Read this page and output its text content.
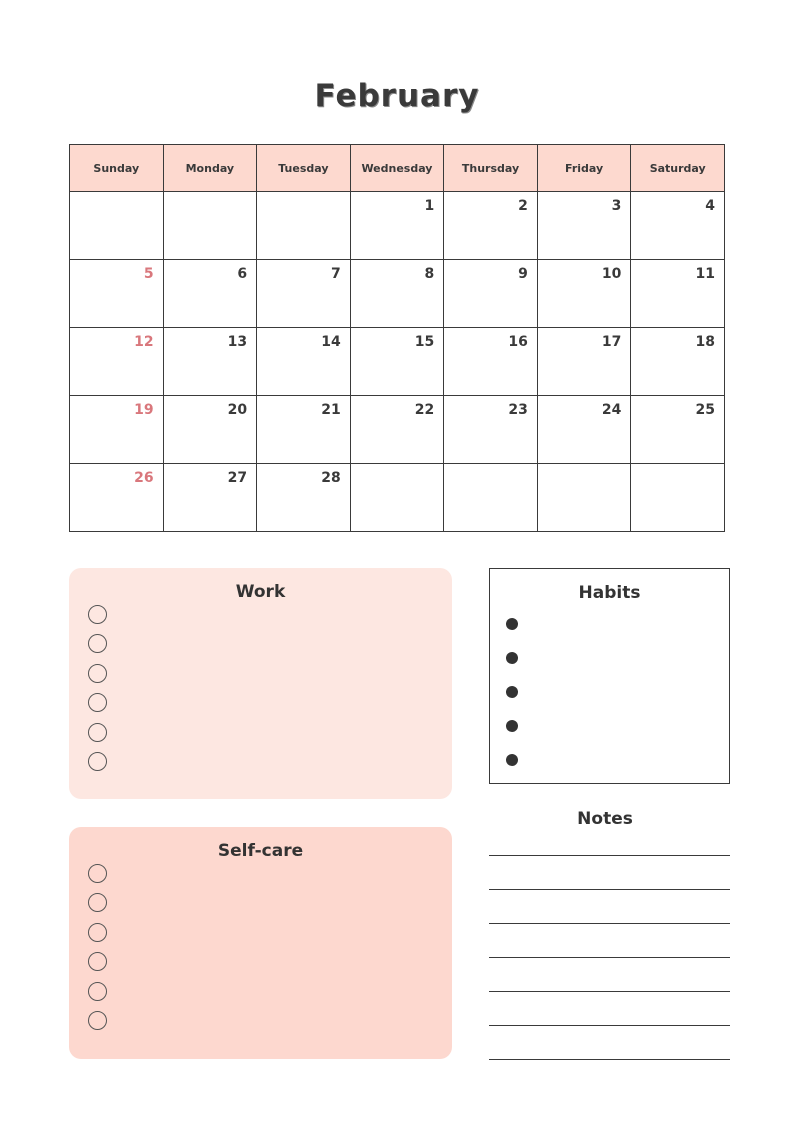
February
Sunday	Monday	Tuesday	Wednesday	Thursday	Friday	Saturday
			1	2	3	4
5	6	7	8	9	10	11
12	13	14	15	16	17	18
19	20	21	22	23	24	25
26	27	28				
Work
Self-care
Habits
Notes
